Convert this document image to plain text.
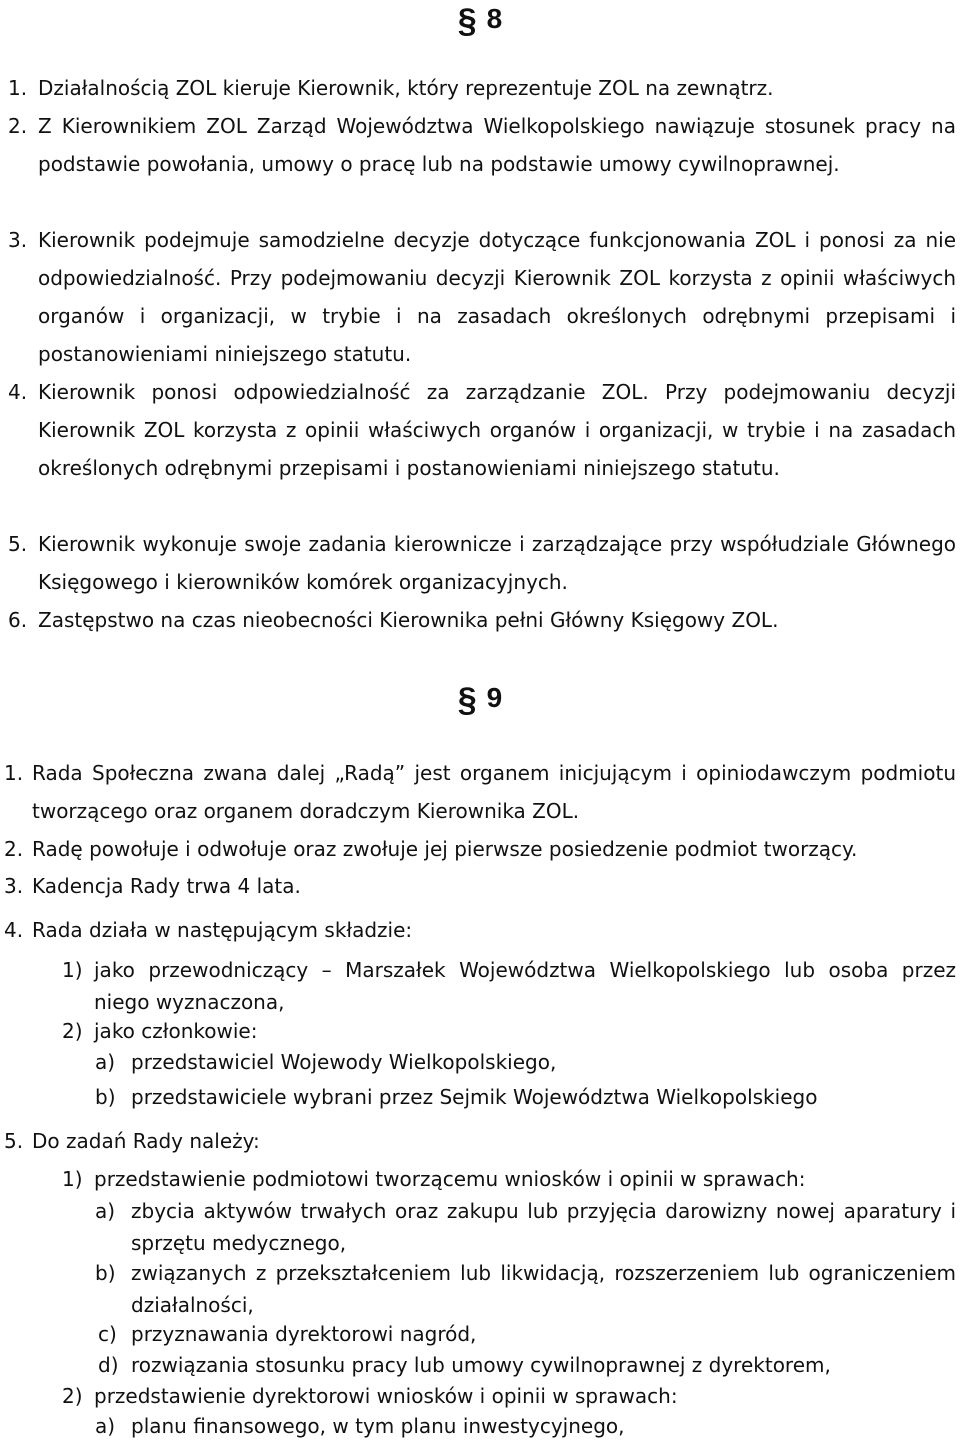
§ 8
1. Działalnością ZOL kieruje Kierownik, który reprezentuje ZOL na zewnątrz.
2. Z Kierownikiem ZOL Zarząd Województwa Wielkopolskiego nawiązuje stosunek pracy na podstawie powołania, umowy o pracę lub na podstawie umowy cywilnoprawnej.
3. Kierownik podejmuje samodzielne decyzje dotyczące funkcjonowania ZOL i ponosi za nie odpowiedzialność. Przy podejmowaniu decyzji Kierownik ZOL korzysta z opinii właściwych organów i organizacji, w trybie i na zasadach określonych odrębnymi przepisami i postanowieniami niniejszego statutu.
4. Kierownik ponosi odpowiedzialność za zarządzanie ZOL. Przy podejmowaniu decyzji Kierownik ZOL korzysta z opinii właściwych organów i organizacji, w trybie i na zasadach określonych odrębnymi przepisami i postanowieniami niniejszego statutu.
5. Kierownik wykonuje swoje zadania kierownicze i zarządzające przy współudziale Głównego Księgowego i kierowników komórek organizacyjnych.
6. Zastępstwo na czas nieobecności Kierownika pełni Główny Księgowy ZOL.
§ 9
1. Rada Społeczna zwana dalej „Radą” jest organem inicjującym i opiniodawczym podmiotu tworzącego oraz organem doradczym Kierownika ZOL.
2. Radę powołuje i odwołuje oraz zwołuje jej pierwsze posiedzenie podmiot tworzący.
3. Kadencja Rady trwa 4 lata.
4. Rada działa w następującym składzie:
1) jako przewodniczący – Marszałek Województwa Wielkopolskiego lub osoba przez niego wyznaczona,
2) jako członkowie:
a) przedstawiciel Wojewody Wielkopolskiego,
b) przedstawiciele wybrani przez Sejmik Województwa Wielkopolskiego
5. Do zadań Rady należy:
1) przedstawienie podmiotowi tworzącemu wniosków i opinii w sprawach:
a) zbycia aktywów trwałych oraz zakupu lub przyjęcia darowizny nowej aparatury i sprzętu medycznego,
b) związanych z przekształceniem lub likwidacją, rozszerzeniem lub ograniczeniem działalności,
c) przyznawania dyrektorowi nagród,
d) rozwiązania stosunku pracy lub umowy cywilnoprawnej z dyrektorem,
2) przedstawienie dyrektorowi wniosków i opinii w sprawach:
a) planu finansowego, w tym planu inwestycyjnego,
